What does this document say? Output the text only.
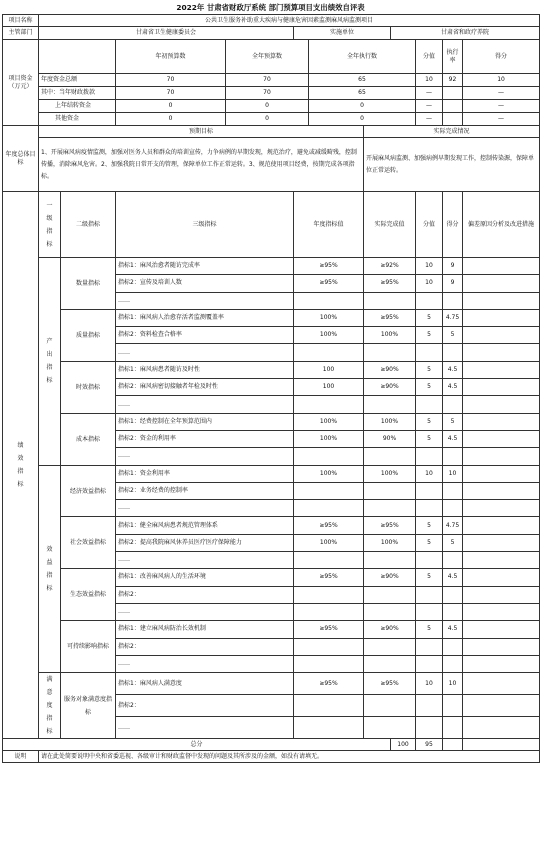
2022年 甘肃省财政厅系统 部门预算项目支出绩效自评表
项目名称	公共卫生服务补助重大疾病与健康危害因素监测麻风病监测项目										
主管部门	甘肃省卫生健康委员会				实施单位			甘肃省和政疗养院			
项目资金（万元）			年初预算数	全年预算数		全年执行数			分值	执行率	得分
	年度资金总额		70	70		65			10	92	10
	其中：当年财政拨款		70	70		65			—		—
	上年结转资金		0	0		0			—		—
	其他资金		0	0		0			—		—
年度总体目标	预期目标						实际完成情况				
	1、开展麻风病疫情监测，加强对医务人员和群众的培训宣传，力争病例的早期发现，规范治疗，避免或减缓畸残，控制传播，消除麻风危害。2、加强我院日常开支的管理，保障单位工作正常运转。3、规范使用项目经费，按期完成各项指标。						开展麻风病监测、加强病例早期发现工作，控制传染源，保障单位正常运转。				

绩
效
指
标	一
级
指
标	二级指标	三级指标		年度指标值		实际完成值		分值	得分	偏差原因分析及改进措施

	产
出
指
标	数量指标	指标1：麻风治愈者随访完成率		≥95%		≥92%		10	9	
			指标2：宣传及培训人数		≥95%		≥95%		10	9	
			……								
		质量指标	指标1：麻风病人治愈存活者监测覆盖率		100%		≥95%		5	4.75	
			指标2：资料检查合格率		100%		100%		5	5	
			……								
		时效指标	指标1：麻风病患者随访及时性		100		≥90%		5	4.5	
			指标2：麻风病密切接触者年检及时性		100		≥90%		5	4.5	
			……								
		成本指标	指标1：经费控制在全年预算范围内		100%		100%		5	5	
			指标2：资金的利用率		100%		90%		5	4.5	
			……								

	效
益
指
标	经济效益指标	指标1：资金利用率		100%		100%		10	10	
			指标2：业务经费的控制率								
			……								
		社会效益指标	指标1：健全麻风病患者规范管理体系		≥95%		≥95%		5	4.75	
			指标2：提高我院麻风休养员医疗医疗保障能力		100%		100%		5	5	
			……								
		生态效益指标	指标1：改善麻风病人的生活环境		≥95%		≥90%		5	4.5	
			指标2：								
			……								
		可持续影响指标	指标1：建立麻风病防治长效机制		≥95%		≥90%		5	4.5	
			指标2：								
			……								

	满
意
度
指
标	服务对象满意度指标	指标1：麻风病人满意度		≥95%		≥95%		10	10	
			指标2：								
			……								
总分								100	95		
说明	请在此处简要说明中央和省委巡视、各级审计和财政监督中发现的问题及其所涉及的金额，如没有请填无。										
